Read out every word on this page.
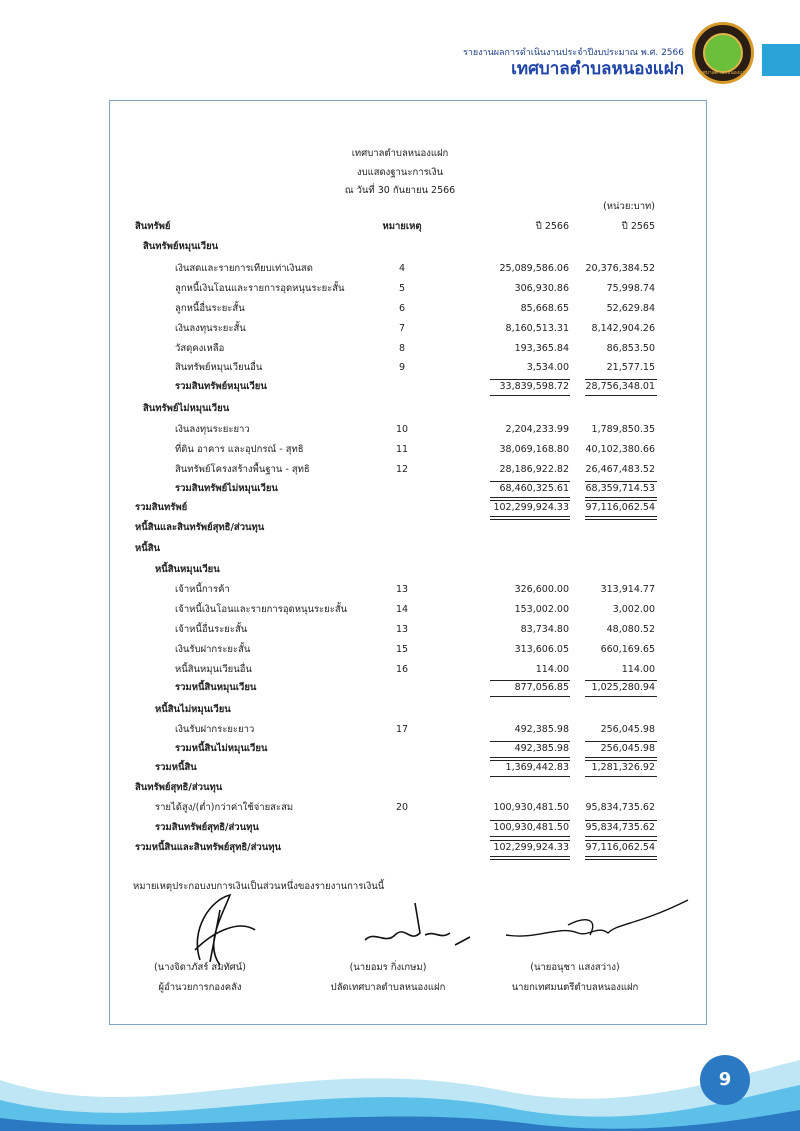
รายงานผลการดำเนินงานประจำปีงบประมาณ พ.ศ. 2566
เทศบาลตำบลหนองแฝก	เทศบาลตำบลหนองแฝก
เทศบาลตำบลหนองแฝก
งบแสดงฐานะการเงิน
ณ วันที่ 30 กันยายน 2566
(หน่วย:บาท)
สินทรัพย์	หมายเหตุ	ปี 2566	ปี 2565
สินทรัพย์หมุนเวียน
เงินสดและรายการเทียบเท่าเงินสด	4	25,089,586.06 20,376,384.52
ลูกหนี้เงินโอนและรายการอุดหนุนระยะสั้น	5	306,930.86	75,998.74
ลูกหนี้อื่นระยะสั้น	6	85,668.65	52,629.84
เงินลงทุนระยะสั้น	7	8,160,513.31 8,142,904.26
วัสดุคงเหลือ	8	193,365.84	86,853.50
สินทรัพย์หมุนเวียนอื่น	9	3,534.00	21,577.15
รวมสินทรัพย์หมุนเวียน	33,839,598.72 28,756,348.01
สินทรัพย์ไม่หมุนเวียน
เงินลงทุนระยะยาว	10	2,204,233.99 1,789,850.35
ที่ดิน อาคาร และอุปกรณ์ - สุทธิ	11	38,069,168.80 40,102,380.66
สินทรัพย์โครงสร้างพื้นฐาน - สุทธิ	12	28,186,922.82 26,467,483.52
รวมสินทรัพย์ไม่หมุนเวียน	68,460,325.61 68,359,714.53
รวมสินทรัพย์	102,299,924.33 97,116,062.54
หนี้สินและสินทรัพย์สุทธิ/ส่วนทุน
หนี้สิน
หนี้สินหมุนเวียน
เจ้าหนี้การค้า	13	326,600.00	313,914.77
เจ้าหนี้เงินโอนและรายการอุดหนุนระยะสั้น	14	153,002.00	3,002.00
เจ้าหนี้อื่นระยะสั้น	13	83,734.80	48,080.52
เงินรับฝากระยะสั้น	15	313,606.05	660,169.65
หนี้สินหมุนเวียนอื่น	16	114.00	114.00
รวมหนี้สินหมุนเวียน	877,056.85 1,025,280.94
หนี้สินไม่หมุนเวียน
เงินรับฝากระยะยาว	17	492,385.98	256,045.98
รวมหนี้สินไม่หมุนเวียน	492,385.98	256,045.98
รวมหนี้สิน	1,369,442.83 1,281,326.92
สินทรัพย์สุทธิ/ส่วนทุน
รายได้สูง/(ต่ำ)กว่าค่าใช้จ่ายสะสม	20	100,930,481.50 95,834,735.62
รวมสินทรัพย์สุทธิ/ส่วนทุน	100,930,481.50 95,834,735.62
รวมหนี้สินและสินทรัพย์สุทธิ/ส่วนทุน	102,299,924.33 97,116,062.54
หมายเหตุประกอบงบการเงินเป็นส่วนหนึ่งของรายงานการเงินนี้
(นางจิดาภัสร์ สมทัศน์)
ผู้อำนวยการกองคลัง
(นายอมร กิ่งเกษม)
ปลัดเทศบาลตำบลหนองแฝก
(นายอนุชา แสงสว่าง)
นายกเทศมนตรีตำบลหนองแฝก
9
